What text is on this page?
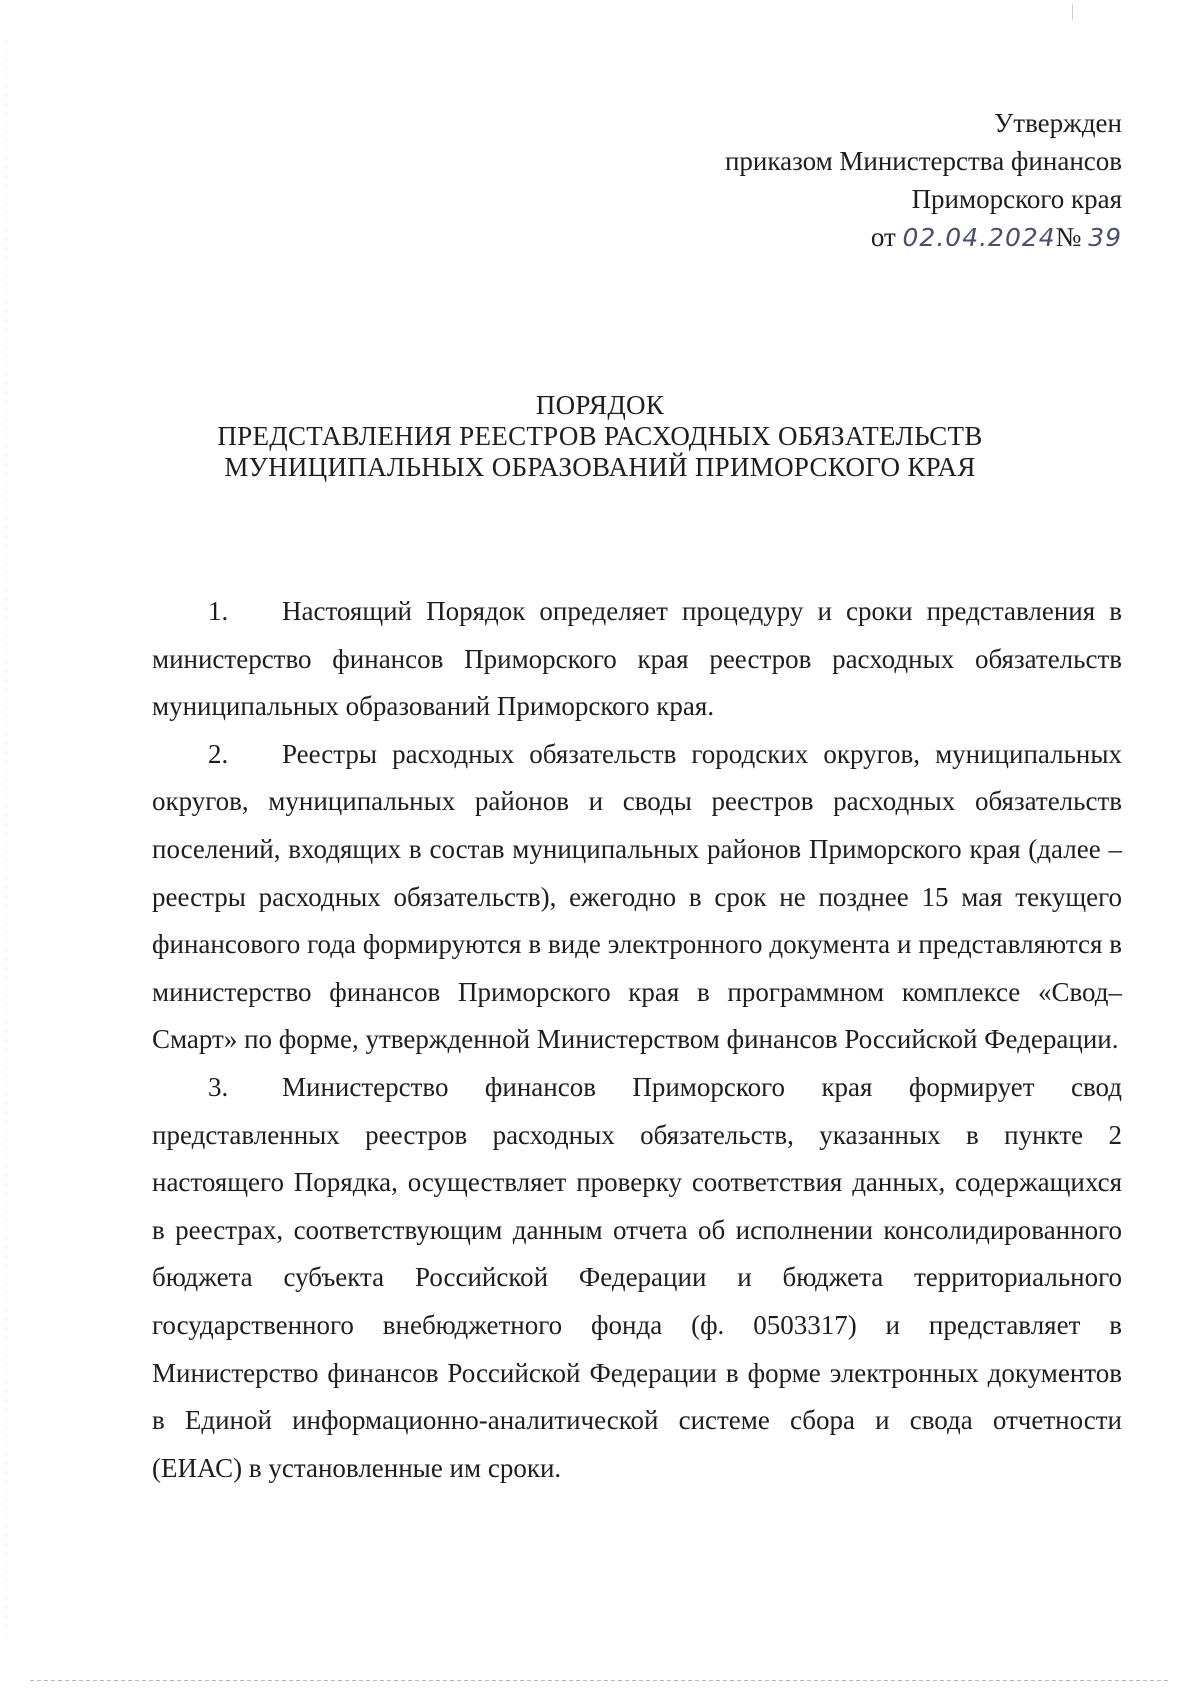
Утвержден
приказом Министерства финансов
Приморского края
от 02.04.2024№ 39
ПОРЯДОК
ПРЕДСТАВЛЕНИЯ РЕЕСТРОВ РАСХОДНЫХ ОБЯЗАТЕЛЬСТВ
МУНИЦИПАЛЬНЫХ ОБРАЗОВАНИЙ ПРИМОРСКОГО КРАЯ

1. Настоящий Порядок определяет процедуру и сроки представления в министерство финансов Приморского края реестров расходных обязательств муниципальных образований Приморского края.

2. Реестры расходных обязательств городских округов, муниципальных округов, муниципальных районов и своды реестров расходных обязательств поселений, входящих в состав муниципальных районов Приморского края (далее – реестры расходных обязательств), ежегодно в срок не позднее 15 мая текущего финансового года формируются в виде электронного документа и представляются в министерство финансов Приморского края в программном комплексе «Свод–Смарт» по форме, утвержденной Министерством финансов Российской Федерации.

3. Министерство финансов Приморского края формирует свод представленных реестров расходных обязательств, указанных в пункте 2 настоящего Порядка, осуществляет проверку соответствия данных, содержащихся в реестрах, соответствующим данным отчета об исполнении консолидированного бюджета субъекта Российской Федерации и бюджета территориального государственного внебюджетного фонда (ф. 0503317) и представляет в Министерство финансов Российской Федерации в форме электронных документов в Единой информационно-аналитической системе сбора и свода отчетности (ЕИАС) в установленные им сроки.
